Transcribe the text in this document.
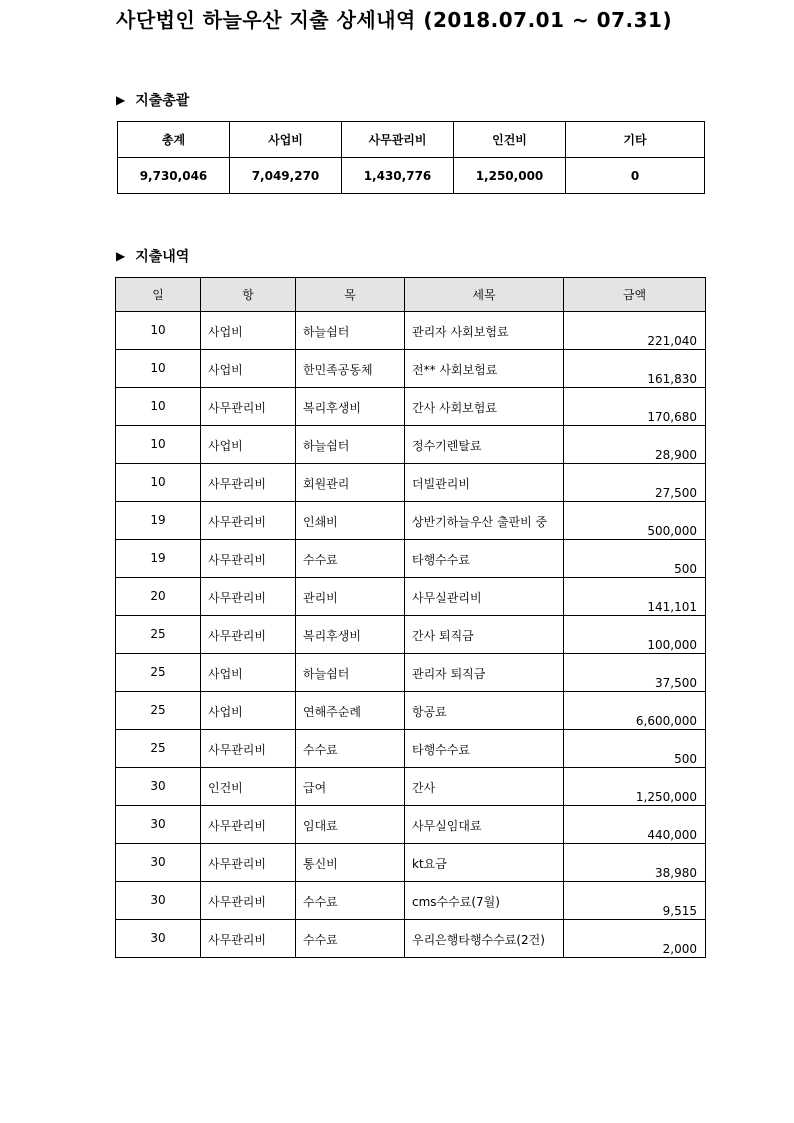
사단법인 하늘우산 지출 상세내역 (2018.07.01 ~ 07.31)
▶ 지출총괄
총계	사업비	사무관리비	인건비	기타
9,730,046	7,049,270	1,430,776	1,250,000	0
▶ 지출내역
일	항	목	세목	금액
10	사업비	하늘쉼터	관리자 사회보험료	221,040
10	사업비	한민족공동체	전** 사회보험료	161,830
10	사무관리비	복리후생비	간사 사회보험료	170,680
10	사업비	하늘쉼터	정수기렌탈료	28,900
10	사무관리비	회원관리	더빌관리비	27,500
19	사무관리비	인쇄비	상반기하늘우산 출판비 중	500,000
19	사무관리비	수수료	타행수수료	500
20	사무관리비	관리비	사무실관리비	141,101
25	사무관리비	복리후생비	간사 퇴직금	100,000
25	사업비	하늘쉼터	관리자 퇴직금	37,500
25	사업비	연해주순례	항공료	6,600,000
25	사무관리비	수수료	타행수수료	500
30	인건비	급여	간사	1,250,000
30	사무관리비	임대료	사무실임대료	440,000
30	사무관리비	통신비	kt요금	38,980
30	사무관리비	수수료	cms수수료(7월)	9,515
30	사무관리비	수수료	우리은행타행수수료(2건)	2,000
